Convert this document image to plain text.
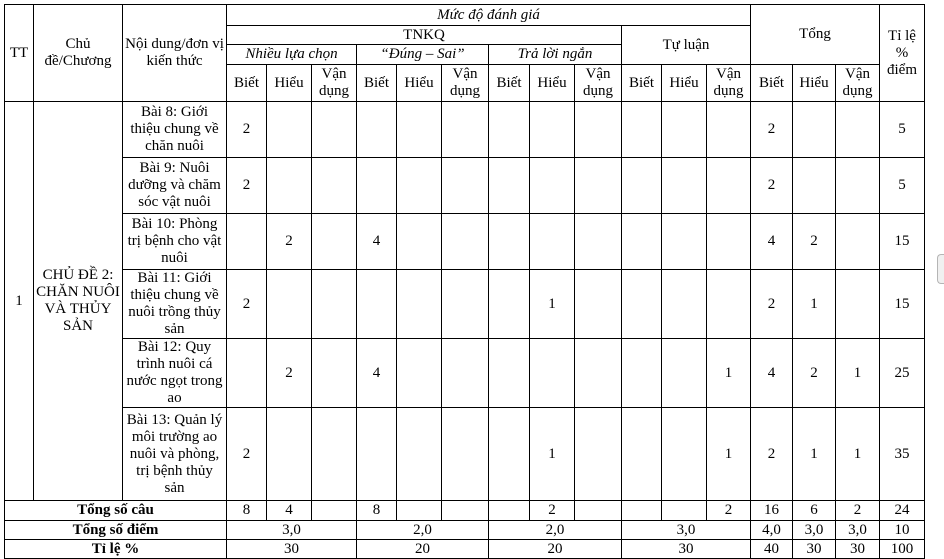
TT	Chủ đề/Chương	Nội dung/đơn vị kiến thức	Mức độ đánh giá												Tổng			Tỉ lệ % điểm
			TNKQ									Tự luận						
			Nhiều lựa chọn			“Đúng – Sai”			Trả lời ngắn									
			Biết	Hiểu	Vận dụng	Biết	Hiểu	Vận dụng	Biết	Hiểu	Vận dụng	Biết	Hiểu	Vận dụng	Biết	Hiểu	Vận dụng	
1	CHỦ ĐỀ 2: CHĂN NUÔI VÀ THỦY SẢN	Bài 8: Giới thiệu chung về chăn nuôi	2												2			5
		Bài 9: Nuôi dưỡng và chăm sóc vật nuôi	2												2			5
		Bài 10: Phòng trị bệnh cho vật nuôi		2		4									4	2		15
		Bài 11: Giới thiệu chung về nuôi trồng thủy sản	2							1					2	1		15
		Bài 12: Quy trình nuôi cá nước ngọt trong ao		2		4								1	4	2	1	25
		Bài 13: Quản lý môi trường ao nuôi và phòng, trị bệnh thủy sản	2							1				1	2	1	1	35
Tổng số câu			8	4		8				2				2	16	6	2	24
Tổng số điểm			3,0			2,0			2,0			3,0			4,0	3,0	3,0	10
Tỉ lệ %			30			20			20			30			40	30	30	100
